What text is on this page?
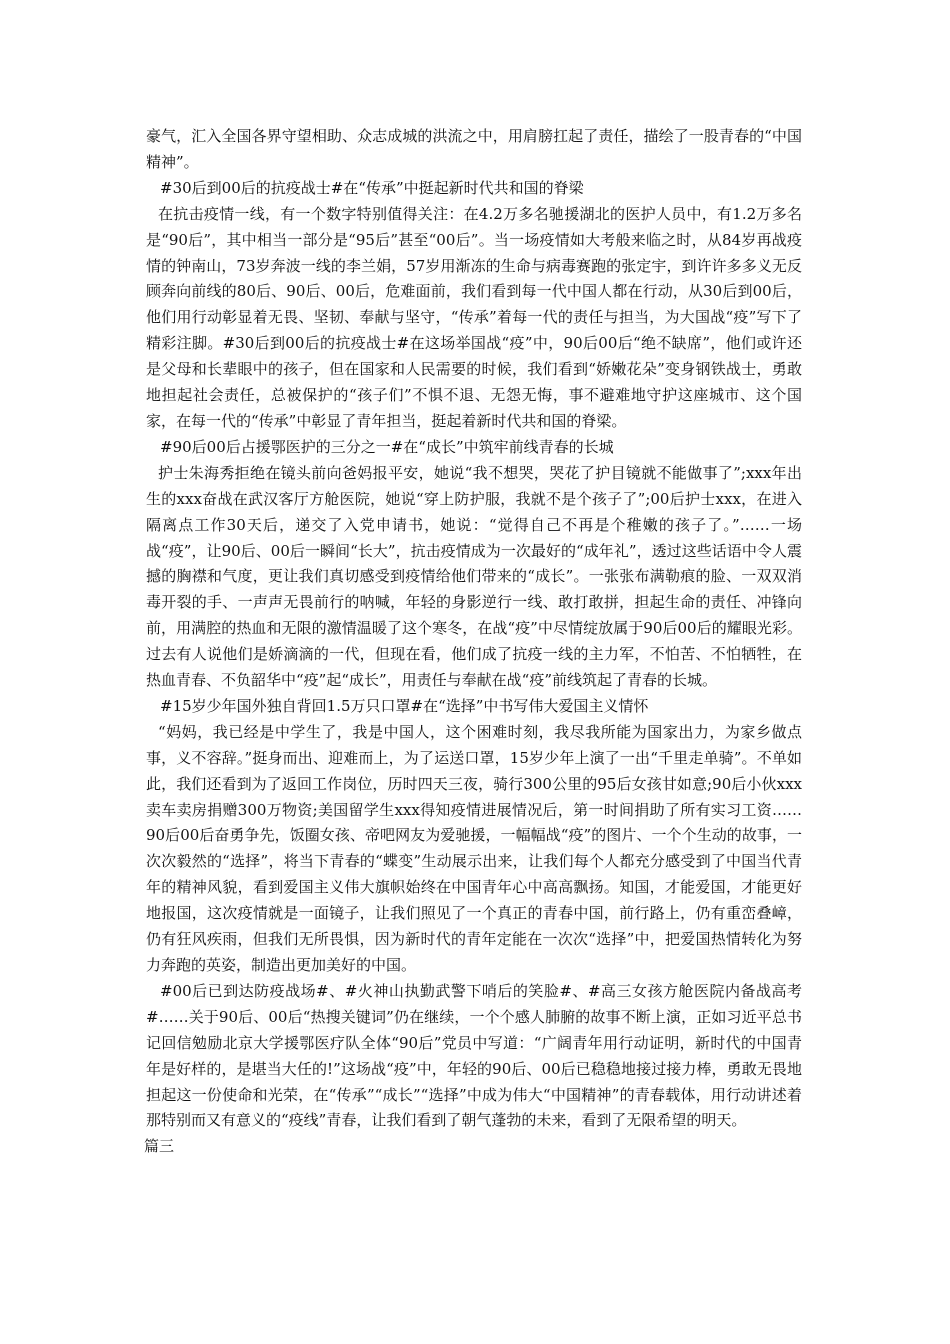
豪气，汇入全国各界守望相助、众志成城的洪流之中，用肩膀扛起了责任，描绘了一股青春的“中国精神”。

#30后到00后的抗疫战士#在“传承”中挺起新时代共和国的脊梁

在抗击疫情一线，有一个数字特别值得关注：在4.2万多名驰援湖北的医护人员中，有1.2万多名是“90后”，其中相当一部分是“95后”甚至“00后”。当一场疫情如大考般来临之时，从84岁再战疫情的钟南山，73岁奔波一线的李兰娟，57岁用渐冻的生命与病毒赛跑的张定宇，到许许多多义无反顾奔向前线的80后、90后、00后，危难面前，我们看到每一代中国人都在行动，从30后到00后，他们用行动彰显着无畏、坚韧、奉献与坚守，“传承”着每一代的责任与担当，为大国战“疫”写下了精彩注脚。#30后到00后的抗疫战士#在这场举国战“疫”中，90后00后“绝不缺席”，他们或许还是父母和长辈眼中的孩子，但在国家和人民需要的时候，我们看到“娇嫩花朵”变身钢铁战士，勇敢地担起社会责任，总被保护的“孩子们”不惧不退、无怨无悔，事不避难地守护这座城市、这个国家，在每一代的“传承”中彰显了青年担当，挺起着新时代共和国的脊梁。

#90后00后占援鄂医护的三分之一#在“成长”中筑牢前线青春的长城

护士朱海秀拒绝在镜头前向爸妈报平安，她说“我不想哭，哭花了护目镜就不能做事了”;xxx年出生的xxx奋战在武汉客厅方舱医院，她说“穿上防护服，我就不是个孩子了”;00后护士xxx，在进入隔离点工作30天后，递交了入党申请书，她说：“觉得自己不再是个稚嫩的孩子了。”……一场战“疫”，让90后、00后一瞬间“长大”，抗击疫情成为一次最好的“成年礼”，透过这些话语中令人震撼的胸襟和气度，更让我们真切感受到疫情给他们带来的“成长”。一张张布满勒痕的脸、一双双消毒开裂的手、一声声无畏前行的呐喊，年轻的身影逆行一线、敢打敢拼，担起生命的责任、冲锋向前，用满腔的热血和无限的激情温暖了这个寒冬，在战“疫”中尽情绽放属于90后00后的耀眼光彩。过去有人说他们是娇滴滴的一代，但现在看，他们成了抗疫一线的主力军，不怕苦、不怕牺牲，在热血青春、不负韶华中“疫”起“成长”，用责任与奉献在战“疫”前线筑起了青春的长城。

#15岁少年国外独自背回1.5万只口罩#在“选择”中书写伟大爱国主义情怀

“妈妈，我已经是中学生了，我是中国人，这个困难时刻，我尽我所能为国家出力，为家乡做点事，义不容辞。”挺身而出、迎难而上，为了运送口罩，15岁少年上演了一出“千里走单骑”。不单如此，我们还看到为了返回工作岗位，历时四天三夜，骑行300公里的95后女孩甘如意;90后小伙xxx卖车卖房捐赠300万物资;美国留学生xxx得知疫情进展情况后，第一时间捐助了所有实习工资……90后00后奋勇争先，饭圈女孩、帝吧网友为爱驰援，一幅幅战“疫”的图片、一个个生动的故事，一次次毅然的“选择”，将当下青春的“蝶变”生动展示出来，让我们每个人都充分感受到了中国当代青年的精神风貌，看到爱国主义伟大旗帜始终在中国青年心中高高飘扬。知国，才能爱国，才能更好地报国，这次疫情就是一面镜子，让我们照见了一个真正的青春中国，前行路上，仍有重峦叠嶂，仍有狂风疾雨，但我们无所畏惧，因为新时代的青年定能在一次次“选择”中，把爱国热情转化为努力奔跑的英姿，制造出更加美好的中国。

#00后已到达防疫战场#、#火神山执勤武警下哨后的笑脸#、#高三女孩方舱医院内备战高考#……关于90后、00后“热搜关键词”仍在继续，一个个感人肺腑的故事不断上演，正如习近平总书记回信勉励北京大学援鄂医疗队全体“90后”党员中写道：“广阔青年用行动证明，新时代的中国青年是好样的，是堪当大任的!”这场战“疫”中，年轻的90后、00后已稳稳地接过接力棒，勇敢无畏地担起这一份使命和光荣，在“传承”“成长”“选择”中成为伟大“中国精神”的青春载体，用行动讲述着那特别而又有意义的“疫线”青春，让我们看到了朝气蓬勃的未来，看到了无限希望的明天。

篇三
